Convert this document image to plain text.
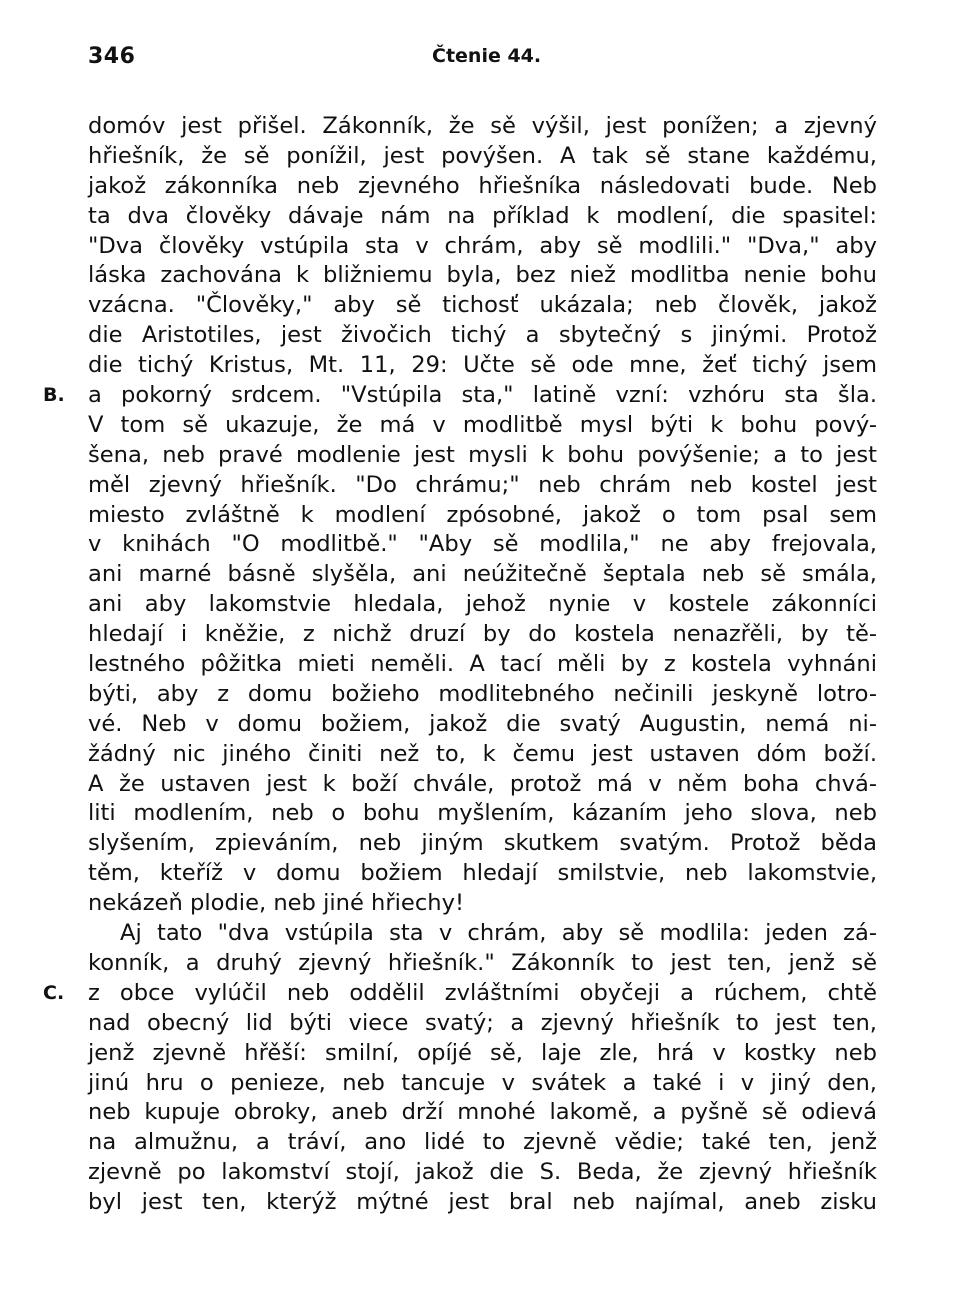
346	Čtenie 44.
domóv jest přišel. Zákonník, že sě výšil, jest ponížen; a zjevný
hřiešník, že sě ponížil, jest povýšen. A tak sě stane každému,
jakož zákonníka neb zjevného hřiešníka následovati bude. Neb
ta dva člověky dávaje nám na příklad k modlení, die spasitel:
"Dva člověky vstúpila sta v chrám, aby sě modlili." "Dva," aby
láska zachována k bližniemu byla, bez niež modlitba nenie bohu
vzácna. "Člověky," aby sě tichosť ukázala; neb člověk, jakož
die Aristotiles, jest živočich tichý a sbytečný s jinými. Protož
die tichý Kristus, Mt. 11, 29: Učte sě ode mne, žeť tichý jsem
B. a pokorný srdcem. "Vstúpila sta," latině vzní: vzhóru sta šla.
V tom sě ukazuje, že má v modlitbě mysl býti k bohu pový-
šena, neb pravé modlenie jest mysli k bohu povýšenie; a to jest
měl zjevný hřiešník. "Do chrámu;" neb chrám neb kostel jest
miesto zvláštně k modlení zpósobné, jakož o tom psal sem
v knihách "O modlitbě." "Aby sě modlila," ne aby frejovala,
ani marné básně slyšěla, ani neúžitečně šeptala neb sě smála,
ani aby lakomstvie hledala, jehož nynie v kostele zákonníci
hledají i kněžie, z nichž druzí by do kostela nenazřěli, by tě-
lestného pôžitka mieti neměli. A tací měli by z kostela vyhnáni
býti, aby z domu božieho modlitebného nečinili jeskyně lotro-
vé. Neb v domu božiem, jakož die svatý Augustin, nemá ni-
žádný nic jiného činiti než to, k čemu jest ustaven dóm boží.
A že ustaven jest k boží chvále, protož má v něm boha chvá-
liti modlením, neb o bohu myšlením, kázaním jeho slova, neb
slyšením, zpieváním, neb jiným skutkem svatým. Protož běda
těm, kteříž v domu božiem hledají smilstvie, neb lakomstvie,
nekázeň plodie, neb jiné hřiechy!
Aj tato "dva vstúpila sta v chrám, aby sě modlila: jeden zá-
konník, a druhý zjevný hřiešník." Zákonník to jest ten, jenž sě
C. z obce vylúčil neb oddělil zvláštními obyčeji a rúchem, chtě
nad obecný lid býti viece svatý; a zjevný hřiešník to jest ten,
jenž zjevně hřěší: smilní, opíjé sě, laje zle, hrá v kostky neb
jinú hru o penieze, neb tancuje v svátek a také i v jiný den,
neb kupuje obroky, aneb drží mnohé lakomě, a pyšně sě odievá
na almužnu, a tráví, ano lidé to zjevně vědie; také ten, jenž
zjevně po lakomství stojí, jakož die S. Beda, že zjevný hřiešník
byl jest ten, kterýž mýtné jest bral neb najímal, aneb zisku
